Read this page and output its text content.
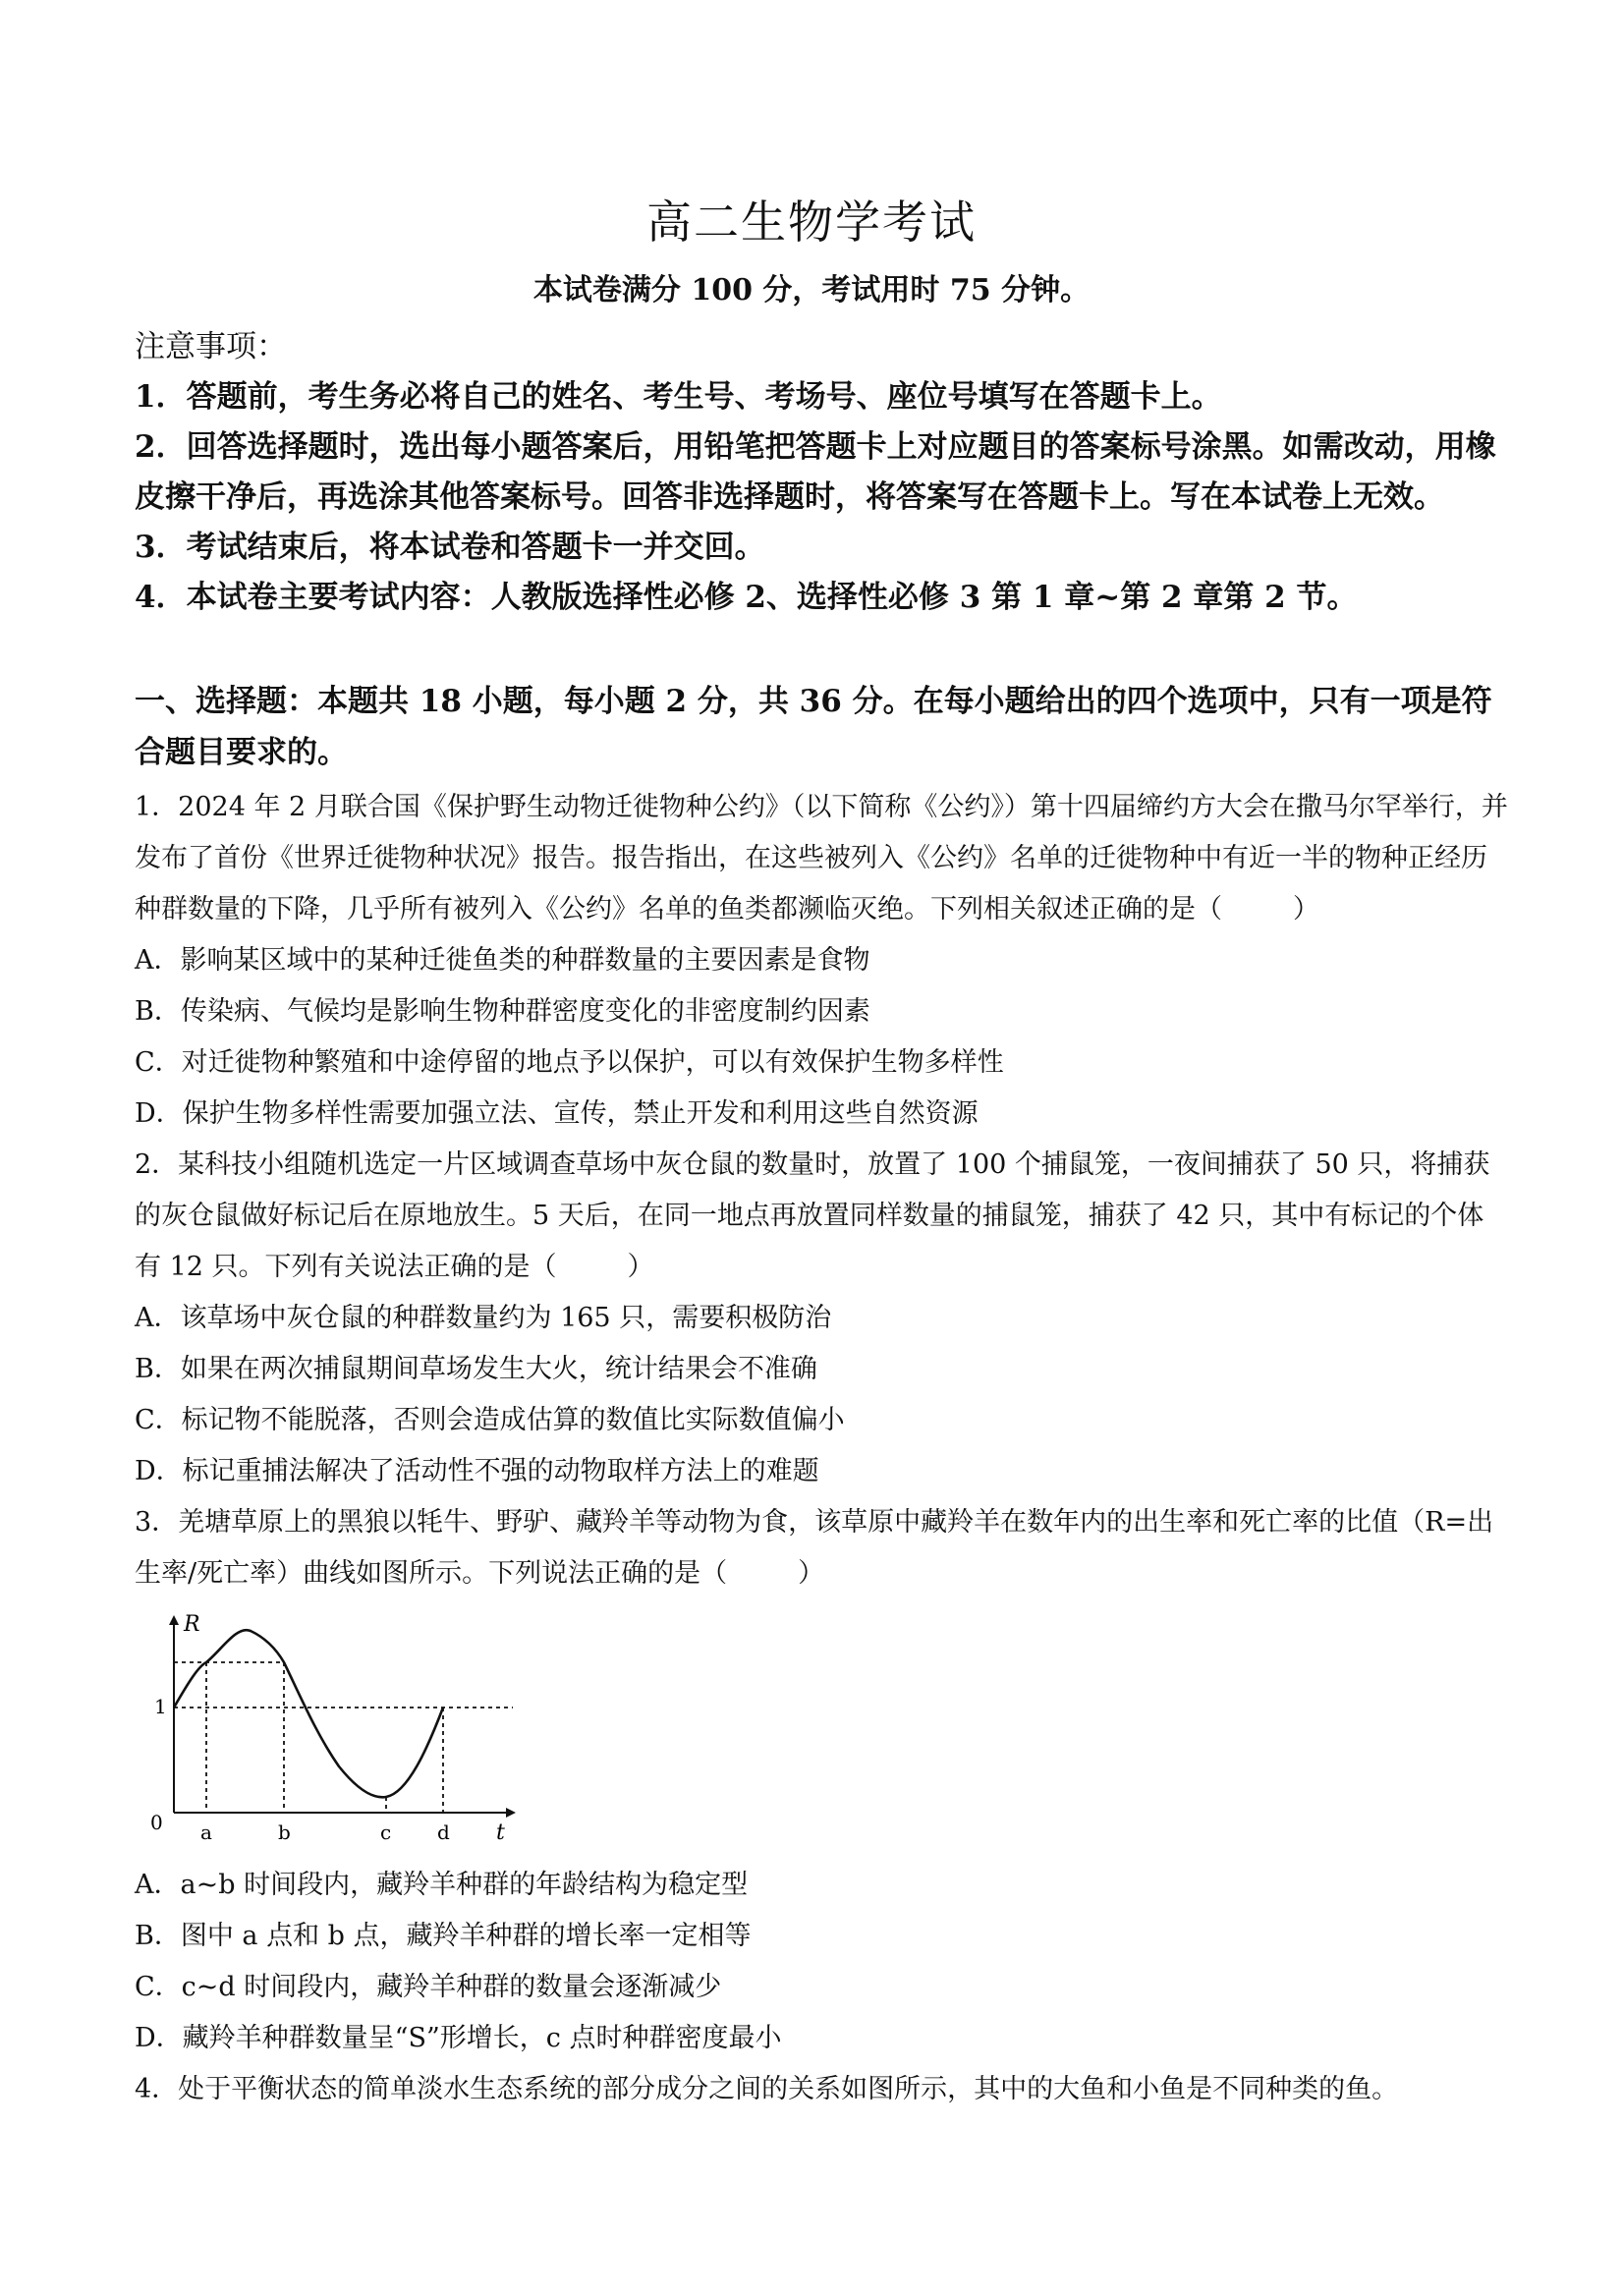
高二生物学考试
本试卷满分 100 分，考试用时 75 分钟。

注意事项：

1．答题前，考生务必将自己的姓名、考生号、考场号、座位号填写在答题卡上。

2．回答选择题时，选出每小题答案后，用铅笔把答题卡上对应题目的答案标号涂黑。如需改动，用橡皮擦干净后，再选涂其他答案标号。回答非选择题时，将答案写在答题卡上。写在本试卷上无效。

3．考试结束后，将本试卷和答题卡一并交回。

4．本试卷主要考试内容：人教版选择性必修 2、选择性必修 3 第 1 章~第 2 章第 2 节。

一、选择题：本题共 18 小题，每小题 2 分，共 36 分。在每小题给出的四个选项中，只有一项是符合题目要求的。

1．2024 年 2 月联合国《保护野生动物迁徙物种公约》（以下简称《公约》）第十四届缔约方大会在撒马尔罕举行，并发布了首份《世界迁徙物种状况》报告。报告指出，在这些被列入《公约》名单的迁徙物种中有近一半的物种正经历种群数量的下降，几乎所有被列入《公约》名单的鱼类都濒临灭绝。下列相关叙述正确的是（	）

A．影响某区域中的某种迁徙鱼类的种群数量的主要因素是食物

B．传染病、气候均是影响生物种群密度变化的非密度制约因素

C．对迁徙物种繁殖和中途停留的地点予以保护，可以有效保护生物多样性

D．保护生物多样性需要加强立法、宣传，禁止开发和利用这些自然资源

2．某科技小组随机选定一片区域调查草场中灰仓鼠的数量时，放置了 100 个捕鼠笼，一夜间捕获了 50 只，将捕获的灰仓鼠做好标记后在原地放生。5 天后，在同一地点再放置同样数量的捕鼠笼，捕获了 42 只，其中有标记的个体有 12 只。下列有关说法正确的是（	）

A．该草场中灰仓鼠的种群数量约为 165 只，需要积极防治

B．如果在两次捕鼠期间草场发生大火，统计结果会不准确

C．标记物不能脱落，否则会造成估算的数值比实际数值偏小

D．标记重捕法解决了活动性不强的动物取样方法上的难题

3．羌塘草原上的黑狼以牦牛、野驴、藏羚羊等动物为食，该草原中藏羚羊在数年内的出生率和死亡率的比值（R=出生率/死亡率）曲线如图所示。下列说法正确的是（	）

R
1
0 a	b	c d t

A．a~b 时间段内，藏羚羊种群的年龄结构为稳定型

B．图中 a 点和 b 点，藏羚羊种群的增长率一定相等

C．c~d 时间段内，藏羚羊种群的数量会逐渐减少

D．藏羚羊种群数量呈“S”形增长，c 点时种群密度最小

4．处于平衡状态的简单淡水生态系统的部分成分之间的关系如图所示，其中的大鱼和小鱼是不同种类的鱼。
